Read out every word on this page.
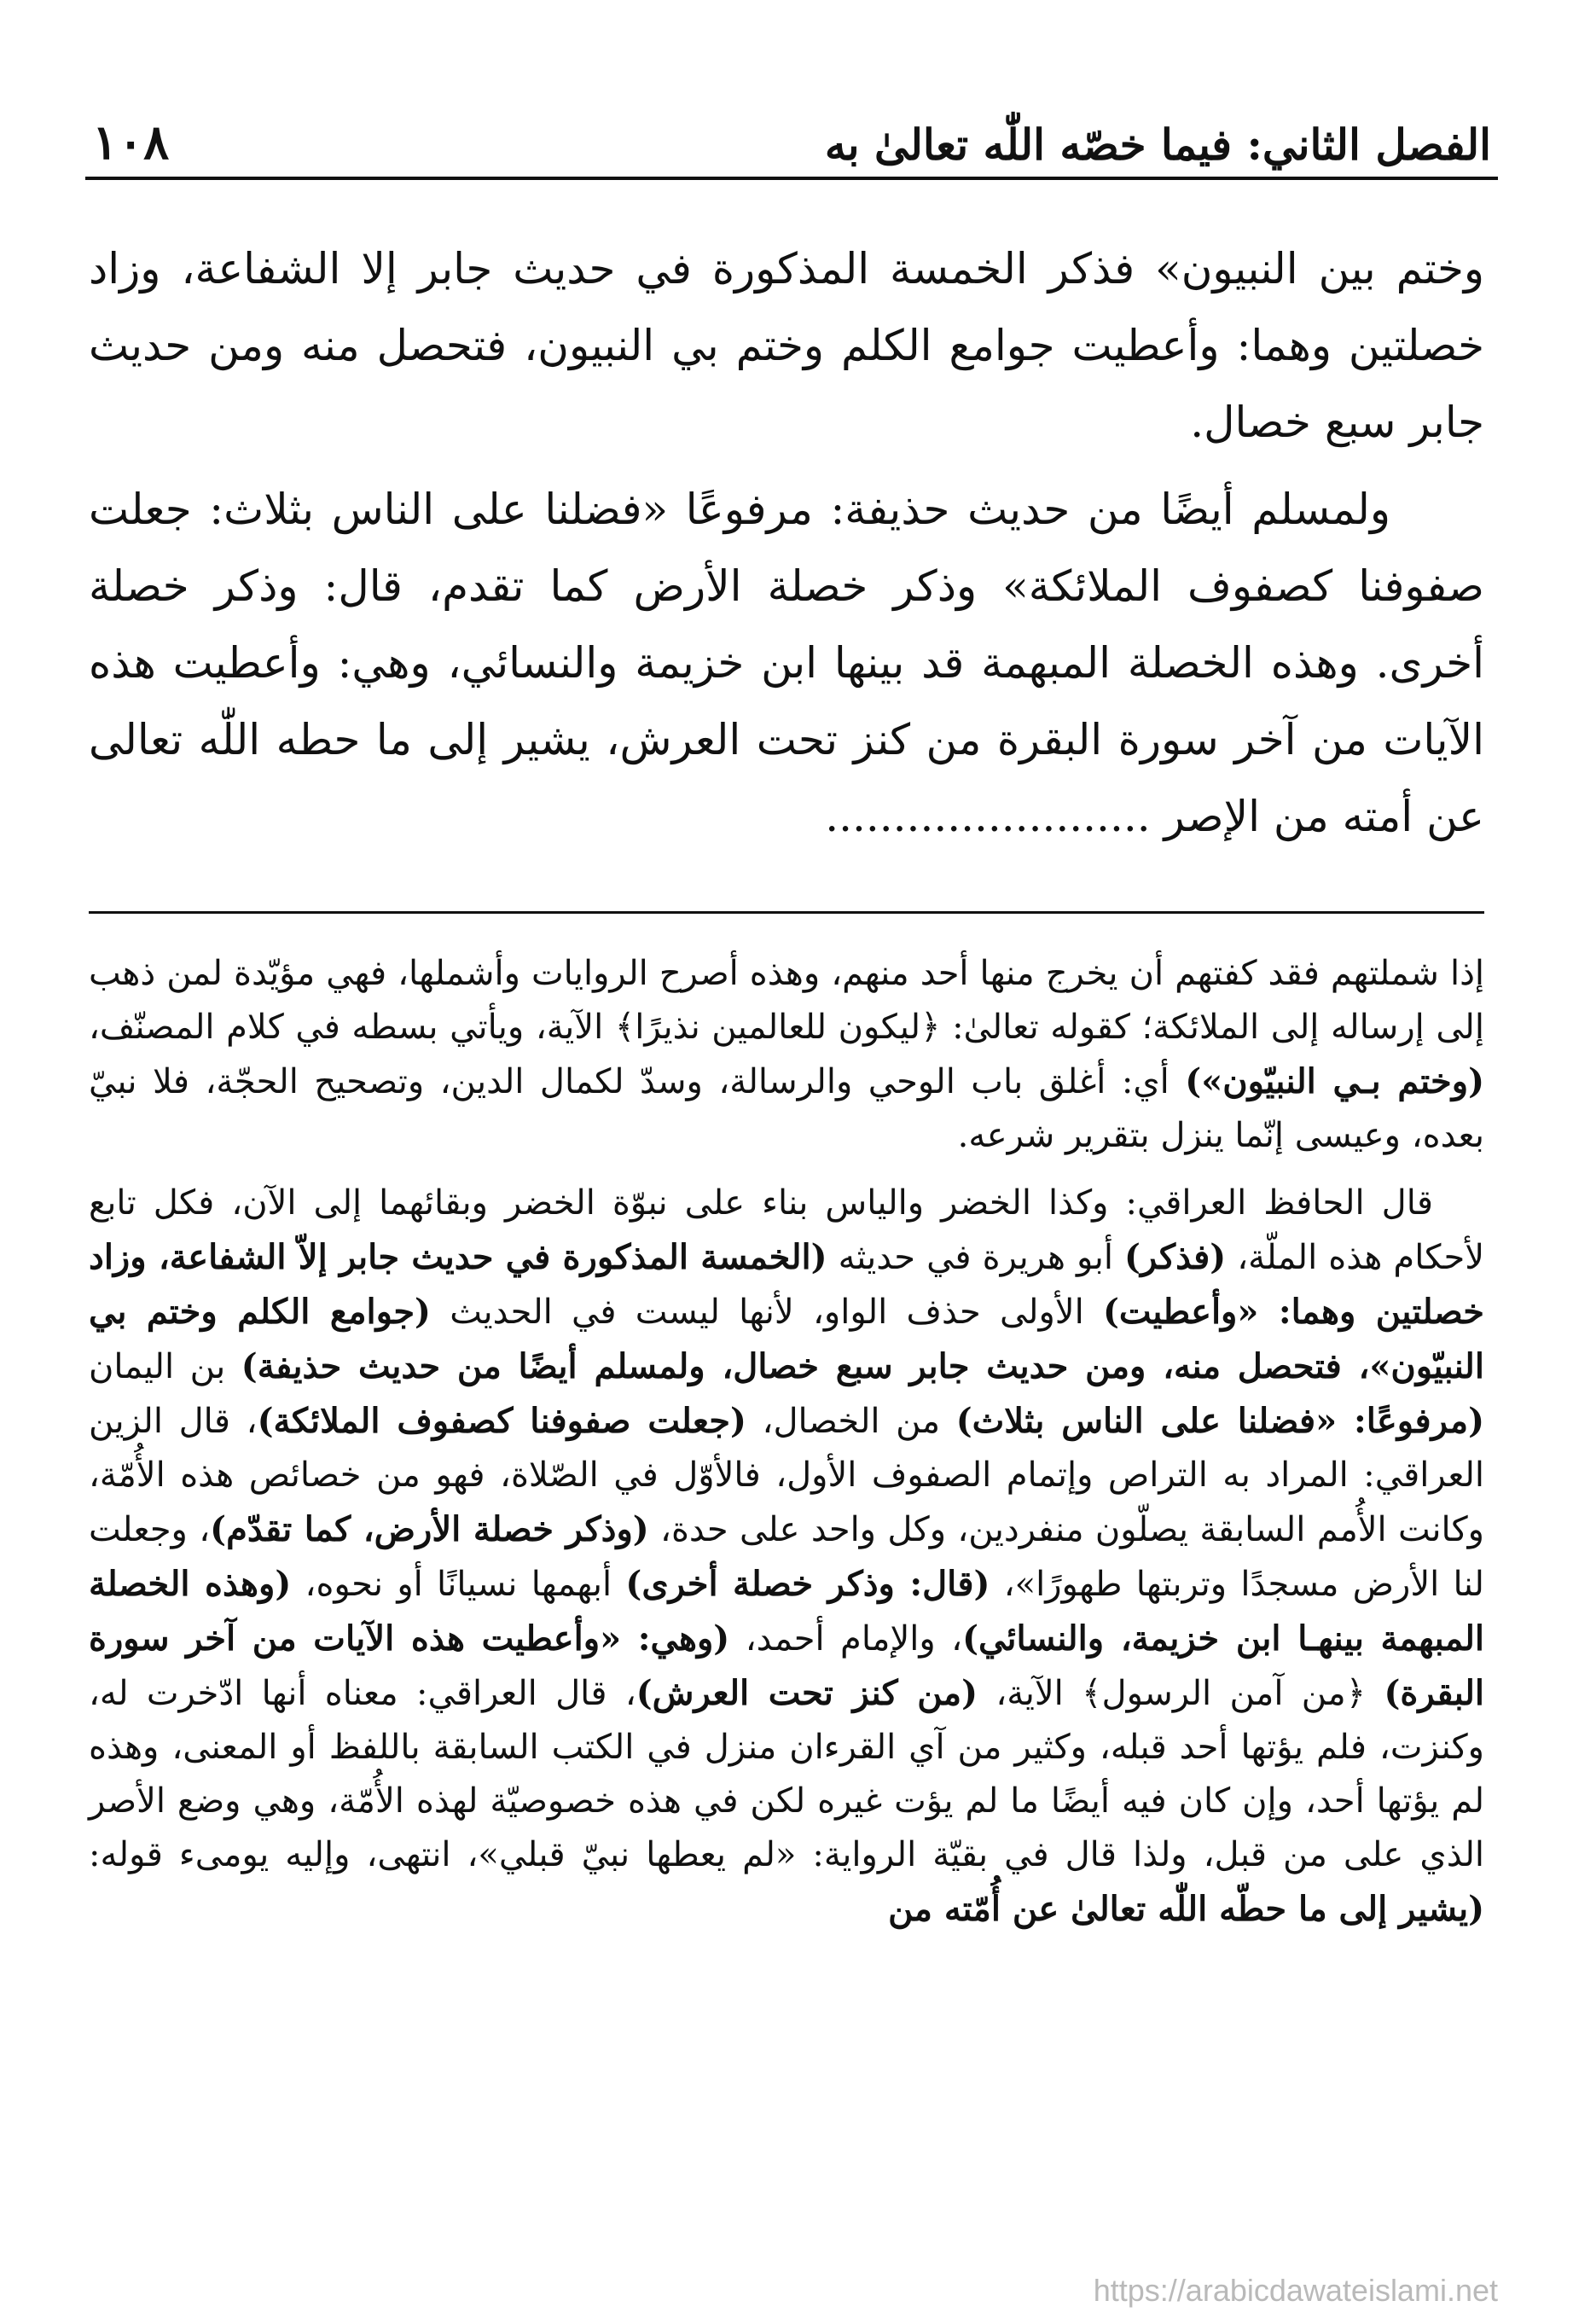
الفصل الثاني: فيما خصّه اللّٰه تعالىٰ به
١٠٨

وختم بين النبيون» فذكر الخمسة المذكورة في حديث جابر إلا الشفاعة، وزاد خصلتين وهما: وأعطيت جوامع الكلم وختم بي النبيون، فتحصل منه ومن حديث جابر سبع خصال.

ولمسلم أيضًا من حديث حذيفة: مرفوعًا «فضلنا على الناس بثلاث: جعلت صفوفنا كصفوف الملائكة» وذكر خصلة الأرض كما تقدم، قال: وذكر خصلة أخرى. وهذه الخصلة المبهمة قد بينها ابن خزيمة والنسائي، وهي: وأعطيت هذه الآيات من آخر سورة البقرة من كنز تحت العرش، يشير إلى ما حطه اللّٰه تعالى عن أمته من الإصر ........................

إذا شملتهم فقد كفتهم أن يخرج منها أحد منهم، وهذه أصرح الروايات وأشملها، فهي مؤيّدة لمن ذهب إلى إرساله إلى الملائكة؛ كقوله تعالىٰ: ﴿ليكون للعالمين نذيرًا﴾ الآية، ويأتي بسطه في كلام المصنّف، (وختم بـي النبيّون») أي: أغلق باب الوحي والرسالة، وسدّ لكمال الدين، وتصحيح الحجّة، فلا نبيّ بعده، وعيسى إنّما ينزل بتقرير شرعه.

قال الحافظ العراقي: وكذا الخضر والياس بناء على نبوّة الخضر وبقائهما إلى الآن، فكل تابع لأحكام هذه الملّة، (فذكر) أبو هريرة في حديثه (الخمسة المذكورة في حديث جابر إلاّ الشفاعة، وزاد خصلتين وهما: «وأعطيت) الأولى حذف الواو، لأنها ليست في الحديث (جوامع الكلم وختم بي النبيّون»، فتحصل منه، ومن حديث جابر سبع خصال، ولمسلم أيضًا من حديث حذيفة) بن اليمان (مرفوعًا: «فضلنا على الناس بثلاث) من الخصال، (جعلت صفوفنا كصفوف الملائكة)، قال الزين العراقي: المراد به التراص وإتمام الصفوف الأول، فالأوّل في الصّلاة، فهو من خصائص هذه الأُمّة، وكانت الأُمم السابقة يصلّون منفردين، وكل واحد على حدة، (وذكر خصلة الأرض، كما تقدّم)، وجعلت لنا الأرض مسجدًا وتربتها طهورًا»، (قال: وذكر خصلة أخرى) أبهمها نسيانًا أو نحوه، (وهذه الخصلة المبهمة بينهـا ابن خزيمة، والنسائي)، والإمام أحمد، (وهي: «وأعطيت هذه الآيات من آخر سورة البقرة) ﴿من آمن الرسول﴾ الآية، (من كنز تحت العرش)، قال العراقي: معناه أنها ادّخرت له، وكنزت، فلم يؤتها أحد قبله، وكثير من آي القرءان منزل في الكتب السابقة باللفظ أو المعنى، وهذه لم يؤتها أحد، وإن كان فيه أيضًا ما لم يؤت غيره لكن في هذه خصوصيّة لهذه الأُمّة، وهي وضع الأصر الذي على من قبل، ولذا قال في بقيّة الرواية: «لم يعطها نبيّ قبلي»، انتهى، وإليه يومىء قوله: (يشير إلى ما حطّه اللّٰه تعالىٰ عن أُمّته من

https://arabicdawateislami.net
